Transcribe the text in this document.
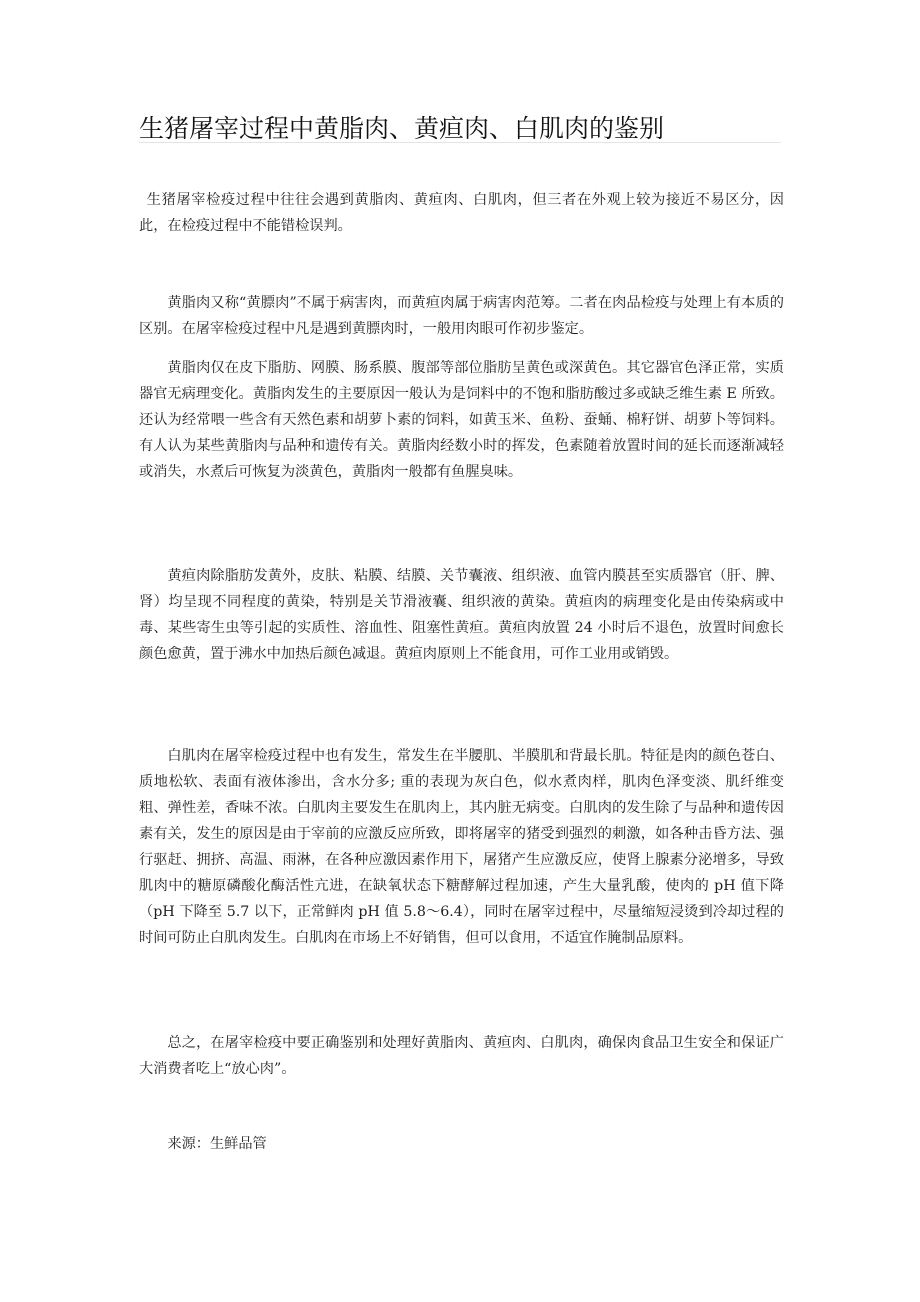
生猪屠宰过程中黄脂肉、黄疸肉、白肌肉的鉴别

生猪屠宰检疫过程中往往会遇到黄脂肉、黄疸肉、白肌肉，但三者在外观上较为接近不易区分，因此，在检疫过程中不能错检误判。

黄脂肉又称“黄膘肉”不属于病害肉，而黄疸肉属于病害肉范筹。二者在肉品检疫与处理上有本质的区别。在屠宰检疫过程中凡是遇到黄膘肉时，一般用肉眼可作初步鉴定。

黄脂肉仅在皮下脂肪、网膜、肠系膜、腹部等部位脂肪呈黄色或深黄色。其它器官色泽正常，实质器官无病理变化。黄脂肉发生的主要原因一般认为是饲料中的不饱和脂肪酸过多或缺乏维生素 E 所致。还认为经常喂一些含有天然色素和胡萝卜素的饲料，如黄玉米、鱼粉、蚕蛹、棉籽饼、胡萝卜等饲料。有人认为某些黄脂肉与品种和遗传有关。黄脂肉经数小时的挥发，色素随着放置时间的延长而逐渐减轻或消失，水煮后可恢复为淡黄色，黄脂肉一般都有鱼腥臭味。

黄疸肉除脂肪发黄外，皮肤、粘膜、结膜、关节囊液、组织液、血管内膜甚至实质器官（肝、脾、肾）均呈现不同程度的黄染，特别是关节滑液囊、组织液的黄染。黄疸肉的病理变化是由传染病或中毒、某些寄生虫等引起的实质性、溶血性、阻塞性黄疸。黄疸肉放置 24 小时后不退色，放置时间愈长颜色愈黄，置于沸水中加热后颜色减退。黄疸肉原则上不能食用，可作工业用或销毁。

白肌肉在屠宰检疫过程中也有发生，常发生在半腰肌、半膜肌和背最长肌。特征是肉的颜色苍白、质地松软、表面有液体渗出，含水分多; 重的表现为灰白色，似水煮肉样，肌肉色泽变淡、肌纤维变粗、弹性差，香味不浓。白肌肉主要发生在肌肉上，其内脏无病变。白肌肉的发生除了与品种和遗传因素有关，发生的原因是由于宰前的应激反应所致，即将屠宰的猪受到强烈的刺激，如各种击昏方法、强行驱赶、拥挤、高温、雨淋，在各种应激因素作用下，屠猪产生应激反应，使肾上腺素分泌增多，导致肌肉中的糖原磷酸化酶活性亢进，在缺氧状态下糖酵解过程加速，产生大量乳酸，使肉的 pH 值下降（pH 下降至 5.7 以下，正常鲜肉 pH 值 5.8～6.4），同时在屠宰过程中，尽量缩短浸烫到冷却过程的时间可防止白肌肉发生。白肌肉在市场上不好销售，但可以食用，不适宜作腌制品原料。

总之，在屠宰检疫中要正确鉴别和处理好黄脂肉、黄疸肉、白肌肉，确保肉食品卫生安全和保证广大消费者吃上“放心肉”。

来源：生鲜品管
